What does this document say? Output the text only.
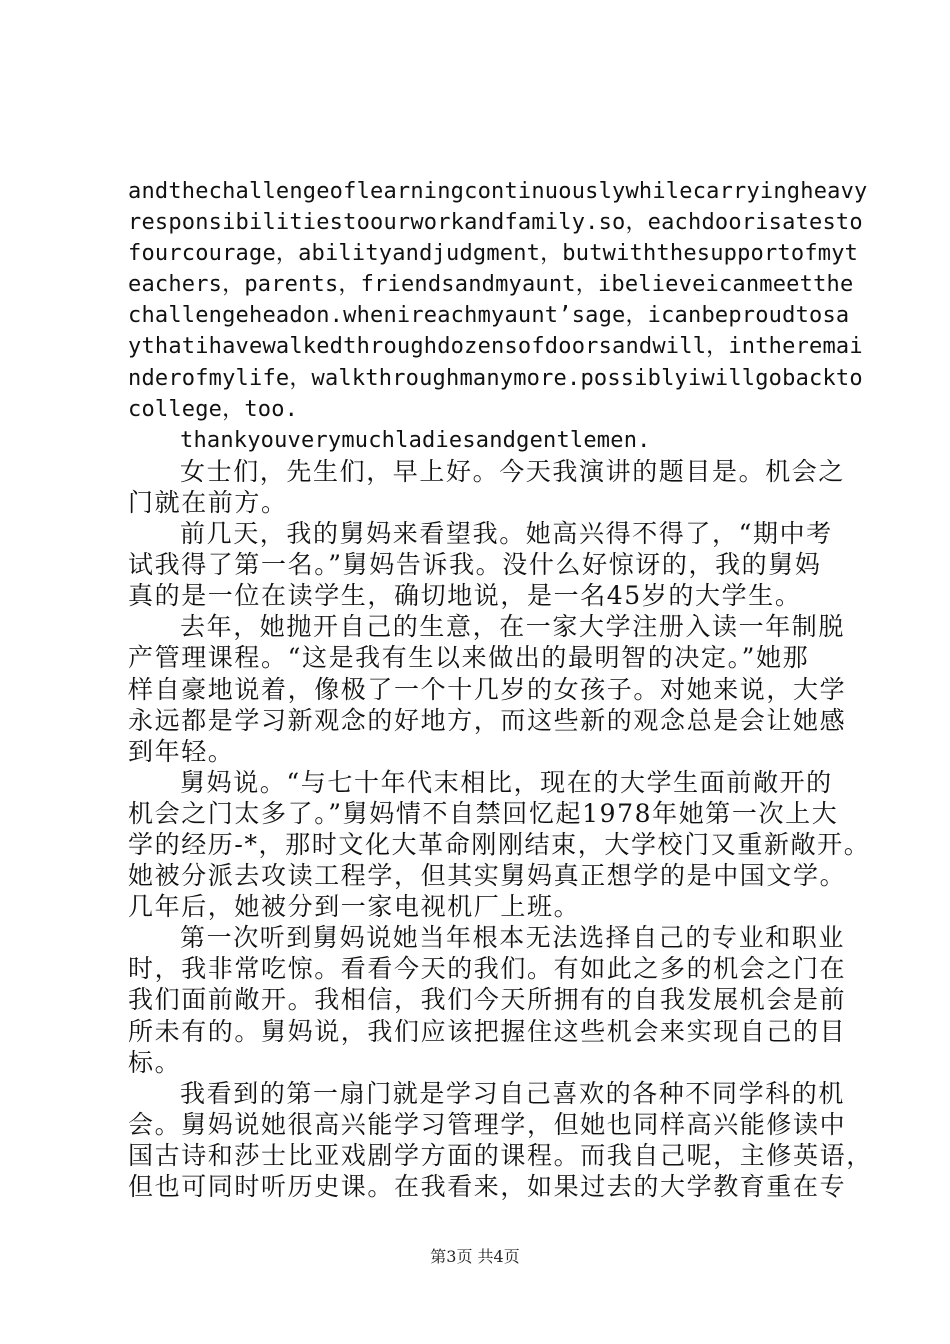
andthechallengeoflearningcontinuouslywhilecarryingheavy
responsibilitiestoourworkandfamily.so，eachdoorisatesto
fourcourage，abilityandjudgment，butwiththesupportofmyt
eachers，parents，friendsandmyaunt，ibelieveicanmeetthe
challengeheadon.whenireachmyaunt’sage，icanbeproudtosa
ythatihavewalkedthroughdozensofdoorsandwill，intheremai
nderofmylife，walkthroughmanymore.possiblyiwillgobackto
college，too.
thankyouverymuchladiesandgentlemen.
女士们，先生们，早上好。今天我演讲的题目是。机会之
门就在前方。
前几天，我的舅妈来看望我。她高兴得不得了，“期中考
试我得了第一名。”舅妈告诉我。没什么好惊讶的，我的舅妈
真的是一位在读学生，确切地说，是一名45岁的大学生。
去年，她抛开自己的生意，在一家大学注册入读一年制脱
产管理课程。“这是我有生以来做出的最明智的决定。”她那
样自豪地说着，像极了一个十几岁的女孩子。对她来说，大学
永远都是学习新观念的好地方，而这些新的观念总是会让她感
到年轻。
舅妈说。“与七十年代末相比，现在的大学生面前敞开的
机会之门太多了。”舅妈情不自禁回忆起1978年她第一次上大
学的经历-*，那时文化大革命刚刚结束，大学校门又重新敞开。
她被分派去攻读工程学，但其实舅妈真正想学的是中国文学。
几年后，她被分到一家电视机厂上班。
第一次听到舅妈说她当年根本无法选择自己的专业和职业
时，我非常吃惊。看看今天的我们。有如此之多的机会之门在
我们面前敞开。我相信，我们今天所拥有的自我发展机会是前
所未有的。舅妈说，我们应该把握住这些机会来实现自己的目
标。
我看到的第一扇门就是学习自己喜欢的各种不同学科的机
会。舅妈说她很高兴能学习管理学，但她也同样高兴能修读中
国古诗和莎士比亚戏剧学方面的课程。而我自己呢，主修英语，
但也可同时听历史课。在我看来，如果过去的大学教育重在专
第3页 共4页
